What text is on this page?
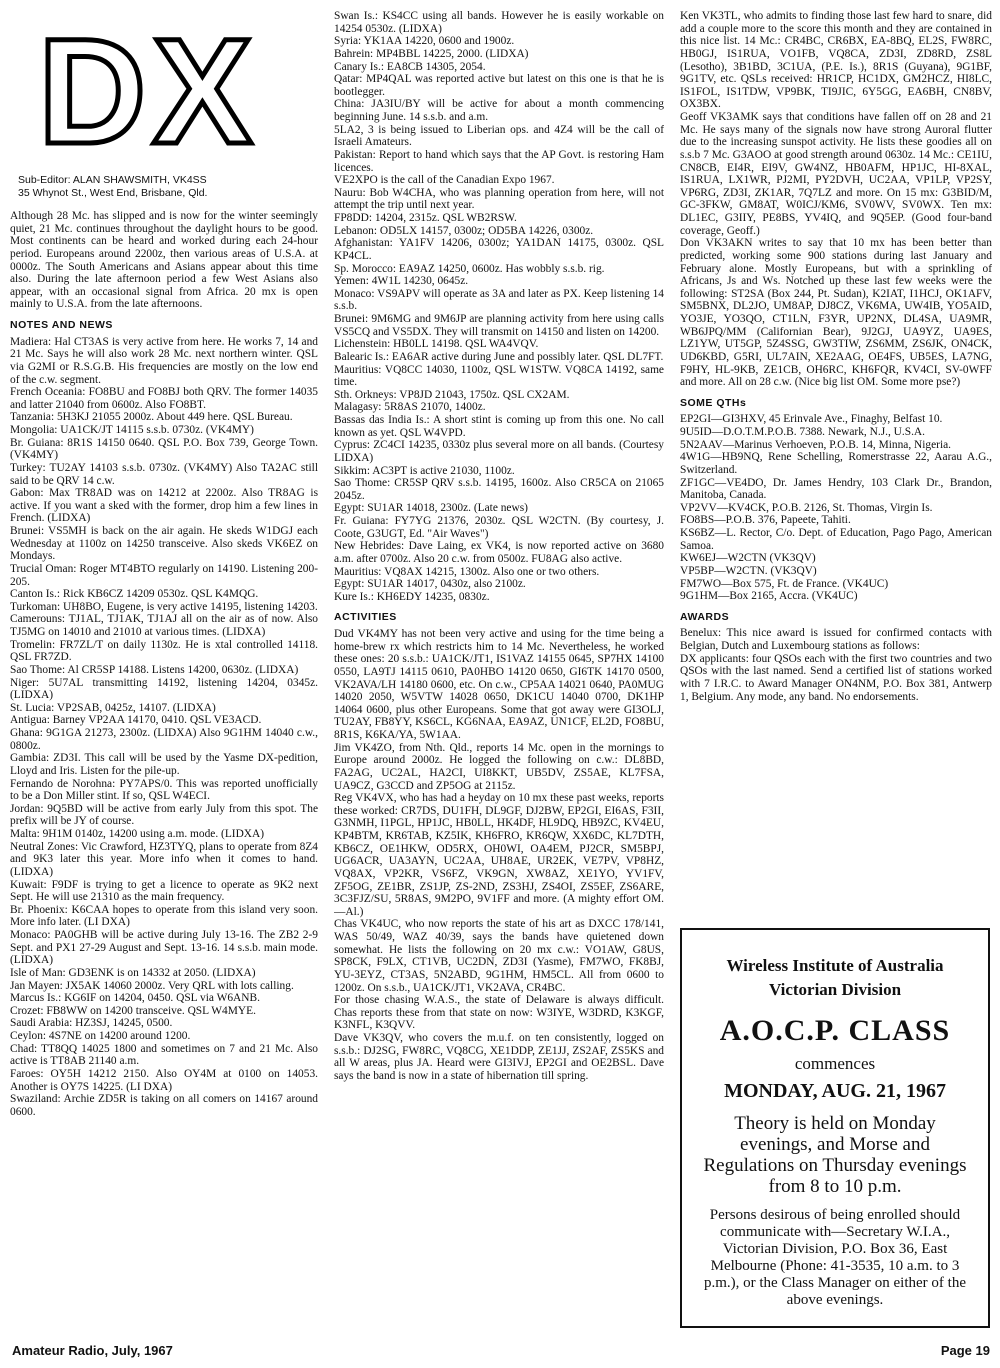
DX
Sub-Editor: ALAN SHAWSMITH, VK4SS
35 Whynot St., West End, Brisbane, Qld.

Although 28 Mc. has slipped and is now for the winter seemingly quiet, 21 Mc. continues throughout the daylight hours to be good. Most continents can be heard and worked during each 24-hour period. Europeans around 2200z, then various areas of U.S.A. at 0000z. The South Americans and Asians appear about this time also. During the late afternoon period a few West Asians also appear, with an occasional signal from Africa. 20 mx is open mainly to U.S.A. from the late afternoons.

NOTES AND NEWS

Madiera: Hal CT3AS is very active from here. He works 7, 14 and 21 Mc. Says he will also work 28 Mc. next northern winter. QSL via G2MI or R.S.G.B. His frequencies are mostly on the low end of the c.w. segment.

French Oceania: FO8BU and FO8BJ both QRV. The former 14035 and latter 21040 from 0600z. Also FO8BT.

Tanzania: 5H3KJ 21055 2000z. About 449 here. QSL Bureau.

Mongolia: UA1CK/JT 14115 s.s.b. 0730z. (VK4MY)

Br. Guiana: 8R1S 14150 0640. QSL P.O. Box 739, George Town. (VK4MY)

Turkey: TU2AY 14103 s.s.b. 0730z. (VK4MY) Also TA2AC still said to be QRV 14 c.w.

Gabon: Max TR8AD was on 14212 at 2200z. Also TR8AG is active. If you want a sked with the former, drop him a few lines in French. (LIDXA)

Brunei: VS5MH is back on the air again. He skeds W1DGJ each Wednesday at 1100z on 14250 transceive. Also skeds VK6EZ on Mondays.

Trucial Oman: Roger MT4BTO regularly on 14190. Listening 200-205.

Canton Is.: Rick KB6CZ 14209 0530z. QSL K4MQG.

Turkoman: UH8BO, Eugene, is very active 14195, listening 14203.

Camerouns: TJ1AL, TJ1AK, TJ1AJ all on the air as of now. Also TJ5MG on 14010 and 21010 at various times. (LIDXA)

Tromelin: FR7ZL/T on daily 1130z. He is xtal controlled 14118. QSL FR7ZD.

Sao Thome: Al CR5SP 14188. Listens 14200, 0630z. (LIDXA)

Niger: 5U7AL transmitting 14192, listening 14204, 0345z. (LIDXA)

St. Lucia: VP2SAB, 0425z, 14107. (LIDXA)

Antigua: Barney VP2AA 14170, 0410. QSL VE3ACD.

Ghana: 9G1GA 21273, 2300z. (LIDXA) Also 9G1HM 14040 c.w., 0800z.

Gambia: ZD3I. This call will be used by the Yasme DX-pedition, Lloyd and Iris. Listen for the pile-up.

Fernando de Norohna: PY7APS/0. This was reported unofficially to be a Don Miller stint. If so, QSL W4ECI.

Jordan: 9Q5BD will be active from early July from this spot. The prefix will be JY of course.

Malta: 9H1M 0140z, 14200 using a.m. mode. (LIDXA)

Neutral Zones: Vic Crawford, HZ3TYQ, plans to operate from 8Z4 and 9K3 later this year. More info when it comes to hand. (LIDXA)

Kuwait: F9DF is trying to get a licence to operate as 9K2 next Sept. He will use 21310 as the main frequency.

Br. Phoenix: K6CAA hopes to operate from this island very soon. More info later. (LI DXA)

Monaco: PA0GHB will be active during July 13-16. The ZB2 2-9 Sept. and PX1 27-29 August and Sept. 13-16. 14 s.s.b. main mode. (LIDXA)

Isle of Man: GD3ENK is on 14332 at 2050. (LIDXA)

Jan Mayen: JX5AK 14060 2000z. Very QRL with lots calling.

Marcus Is.: KG6IF on 14204, 0450. QSL via W6ANB.

Crozet: FB8WW on 14200 transceive. QSL W4MYE.

Saudi Arabia: HZ3SJ, 14245, 0500.

Ceylon: 4S7NE on 14200 around 1200.

Chad: TT8QQ 14025 1800 and sometimes on 7 and 21 Mc. Also active is TT8AB 21140 a.m.

Faroes: OY5H 14212 2150. Also OY4M at 0100 on 14053. Another is OY7S 14225. (LI DXA)

Swaziland: Archie ZD5R is taking on all comers on 14167 around 0600.

Swan Is.: KS4CC using all bands. However he is easily workable on 14254 0530z. (LIDXA)

Syria: YK1AA 14220, 0600 and 1900z.

Bahrein: MP4BBL 14225, 2000. (LIDXA)

Canary Is.: EA8CB 14305, 2054.

Qatar: MP4QAL was reported active but latest on this one is that he is bootlegger.

China: JA3IU/BY will be active for about a month commencing beginning June. 14 s.s.b. and a.m.

5LA2, 3 is being issued to Liberian ops. and 4Z4 will be the call of Israeli Amateurs.

Pakistan: Report to hand which says that the AP Govt. is restoring Ham licences.

VE2XPO is the call of the Canadian Expo 1967.

Nauru: Bob W4CHA, who was planning operation from here, will not attempt the trip until next year.

FP8DD: 14204, 2315z. QSL WB2RSW.

Lebanon: OD5LX 14157, 0300z; OD5BA 14226, 0300z.

Afghanistan: YA1FV 14206, 0300z; YA1DAN 14175, 0300z. QSL KP4CL.

Sp. Morocco: EA9AZ 14250, 0600z. Has wobbly s.s.b. rig.

Yemen: 4W1L 14230, 0645z.

Monaco: VS9APV will operate as 3A and later as PX. Keep listening 14 s.s.b.

Brunei: 9M6MG and 9M6JP are planning activity from here using calls VS5CQ and VS5DX. They will transmit on 14150 and listen on 14200.

Lichenstein: HB0LL 14198. QSL WA4VQV.

Balearic Is.: EA6AR active during June and possibly later. QSL DL7FT.

Mauritius: VQ8CC 14030, 1100z, QSL W1STW. VQ8CA 14192, same time.

Sth. Orkneys: VP8JD 21043, 1750z. QSL CX2AM.

Malagasy: 5R8AS 21070, 1400z.

Bassas das India Is.: A short stint is coming up from this one. No call known as yet. QSL W4VPD.

Cyprus: ZC4CI 14235, 0330z plus several more on all bands. (Courtesy LIDXA)

Sikkim: AC3PT is active 21030, 1100z.

Sao Thome: CR5SP QRV s.s.b. 14195, 1600z. Also CR5CA on 21065 2045z.

Egypt: SU1AR 14018, 2300z. (Late news)

Fr. Guiana: FY7YG 21376, 2030z. QSL W2CTN. (By courtesy, J. Coote, G3UGT, Ed. "Air Waves")

New Hebrides: Dave Laing, ex VK4, is now reported active on 3680 a.m. after 0700z. Also 20 c.w. from 0500z. FU8AG also active.

Mauritius: VQ8AX 14215, 1300z. Also one or two others.

Egypt: SU1AR 14017, 0430z, also 2100z.

Kure Is.: KH6EDY 14235, 0830z.

ACTIVITIES

Dud VK4MY has not been very active and using for the time being a home-brew rx which restricts him to 14 Mc. Nevertheless, he worked these ones: 20 s.s.b.: UA1CK/JT1, IS1VAZ 14155 0645, SP7HX 14100 0550, LA9TJ 14115 0610, PA0HBO 14120 0650, GI6TK 14170 0500, VK2AVA/LH 14180 0600, etc. On c.w., CP5AA 14021 0640, PA0MUG 14020 2050, W5VTW 14028 0650, DK1CU 14040 0700, DK1HP 14064 0600, plus other Europeans. Some that got away were GI3OLJ, TU2AY, FB8YY, KS6CL, KG6NAA, EA9AZ, UN1CF, EL2D, FO8BU, 8R1S, K6KA/YA, 5W1AA.

Jim VK4ZO, from Nth. Qld., reports 14 Mc. open in the mornings to Europe around 2000z. He logged the following on c.w.: DL8BD, FA2AG, UC2AL, HA2CI, UI8KKT, UB5DV, ZS5AE, KL7FSA, UA9CZ, G3CCD and ZP5OG at 2115z.

Reg VK4VX, who has had a heyday on 10 mx these past weeks, reports these worked: CR7DS, DU1FH, DL9GF, DJ2BW, EP2GI, EI6AS, F3II, G3NMH, I1PGL, HP1JC, HB0LL, HK4DF, HL9DQ, HB9ZC, KV4EU, KP4BTM, KR6TAB, KZ5IK, KH6FRO, KR6QW, XX6DC, KL7DTH, KB6CZ, OE1HKW, OD5RX, OH0WI, OA4EM, PJ2CR, SM5BPJ, UG6ACR, UA3AYN, UC2AA, UH8AE, UR2EK, VE7PV, VP8HZ, VQ8AX, VP2KR, VS6FZ, VK9GN, XW8AZ, XE1YO, YV1FV, ZF5OG, ZE1BR, ZS1JP, ZS-2ND, ZS3HJ, ZS4OI, ZS5EF, ZS6ARE, 3C3FJZ/SU, 5R8AS, 9M2PO, 9V1FF and more. (A mighty effort OM.—Al.)

Chas VK4UC, who now reports the state of his art as DXCC 178/141, WAS 50/49, WAZ 40/39, says the bands have quietened down somewhat. He lists the following on 20 mx c.w.: VO1AW, G8US, SP8CK, F9LX, CT1VB, UC2DN, ZD3I (Yasme), FM7WO, FK8BJ, YU-3EYZ, CT3AS, 5N2ABD, 9G1HM, HM5CL. All from 0600 to 1200z. On s.s.b., UA1CK/JT1, VK2AVA, CR4BC.

For those chasing W.A.S., the state of Delaware is always difficult. Chas reports these from that state on now: W3IYE, W3DRD, K3KGF, K3NFL, K3QVV.

Dave VK3QV, who covers the m.u.f. on ten consistently, logged on s.s.b.: DJ2SG, FW8RC, VQ8CG, XE1DDP, ZE1JJ, ZS2AF, ZS5KS and all W areas, plus JA. Heard were GI3IVJ, EP2GI and OE2BSL. Dave says the band is now in a state of hibernation till spring.

Ken VK3TL, who admits to finding those last few hard to snare, did add a couple more to the score this month and they are contained in this nice list. 14 Mc.: CR4BC, CR6BX, EA-8BQ, EL2S, FW8RC, HB0GJ, IS1RUA, VO1FB, VQ8CA, ZD3I, ZD8RD, ZS8L (Lesotho), 3B1BD, 3C1UA, (P.E. Is.), 8R1S (Guyana), 9G1BF, 9G1TV, etc. QSLs received: HR1CP, HC1DX, GM2HCZ, HI8LC, IS1FOL, IS1TDW, VP9BK, TI9JIC, 6Y5GG, EA6BH, CN8BV, OX3BX.

Geoff VK3AMK says that conditions have fallen off on 28 and 21 Mc. He says many of the signals now have strong Auroral flutter due to the increasing sunspot activity. He lists these goodies all on s.s.b 7 Mc. G3AOO at good strength around 0630z. 14 Mc.: CE1IU, CN8CB, EI4R, EI9V, GW4NZ, HB0AFM, HP1JC, HI-8XAL, IS1RUA, LX1WR, PJ2MI, PY2DVH, UC2AA, VP1LP, VP2SY, VP6RG, ZD3I, ZK1AR, 7Q7LZ and more. On 15 mx: G3BID/M, GC-3FKW, GM8AT, W0ICJ/KM6, SV0WV, SV0WX. Ten mx: DL1EC, G3IIY, PE8BS, YV4IQ, and 9Q5EP. (Good four-band coverage, Geoff.)

Don VK3AKN writes to say that 10 mx has been better than predicted, working some 900 stations during last January and February alone. Mostly Europeans, but with a sprinkling of Africans, Js and Ws. Notched up these last few weeks were the following: ST2SA (Box 244, Pt. Sudan), K2IAT, I1HCJ, OK1AFV, SM5BNX, DL2JO, UM8AP, DJ8CZ, VK6MA, UW4IB, YO5AID, YO3JE, YO3QO, CT1LN, F3YR, UP2NX, DL4SA, UA9MR, WB6JPQ/MM (Californian Bear), 9J2GJ, UA9YZ, UA9ES, LZ1YW, UT5GP, 5Z4SSG, GW3TIW, ZS6MM, ZS6JK, ON4CK, UD6KBD, G5RI, UL7AIN, XE2AAG, OE4FS, UB5ES, LA7NG, F9HY, HL-9KB, ZE1CB, OH6RC, KH6FQR, KV4CI, SV-0WFF and more. All on 28 c.w. (Nice big list OM. Some more pse?)

SOME QTHs

EP2GI—GI3HXV, 45 Erinvale Ave., Finaghy, Belfast 10.

9U5ID—D.O.T.M.P.O.B. 7388. Newark, N.J., U.S.A.

5N2AAV—Marinus Verhoeven, P.O.B. 14, Minna, Nigeria.

4W1G—HB9NQ, Rene Schelling, Romerstrasse 22, Aarau A.G., Switzerland.

ZF1GC—VE4DO, Dr. James Hendry, 103 Clark Dr., Brandon, Manitoba, Canada.

VP2VV—KV4CK, P.O.B. 2126, St. Thomas, Virgin Is.

FO8BS—P.O.B. 376, Papeete, Tahiti.

KS6BZ—L. Rector, C/o. Dept. of Education, Pago Pago, American Samoa.

KW6EJ—W2CTN (VK3QV)

VP5BP—W2CTN. (VK3QV)

FM7WO—Box 575, Ft. de France. (VK4UC)

9G1HM—Box 2165, Accra. (VK4UC)

AWARDS

Benelux: This nice award is issued for confirmed contacts with Belgian, Dutch and Luxembourg stations as follows:

DX applicants: four QSOs each with the first two countries and two QSOs with the last named. Send a certified list of stations worked with 7 I.R.C. to Award Manager ON4NM, P.O. Box 381, Antwerp 1, Belgium. Any mode, any band. No endorsements.

Wireless Institute of Australia
Victorian Division
A.O.C.P. CLASS
commences
MONDAY, AUG. 21, 1967
Theory is held on Monday evenings, and Morse and Regulations on Thursday evenings from 8 to 10 p.m.
Persons desirous of being enrolled should communicate with—Secretary W.I.A., Victorian Division, P.O. Box 36, East Melbourne (Phone: 41-3535, 10 a.m. to 3 p.m.), or the Class Manager on either of the above evenings.
Amateur Radio, July, 1967	Page 19
